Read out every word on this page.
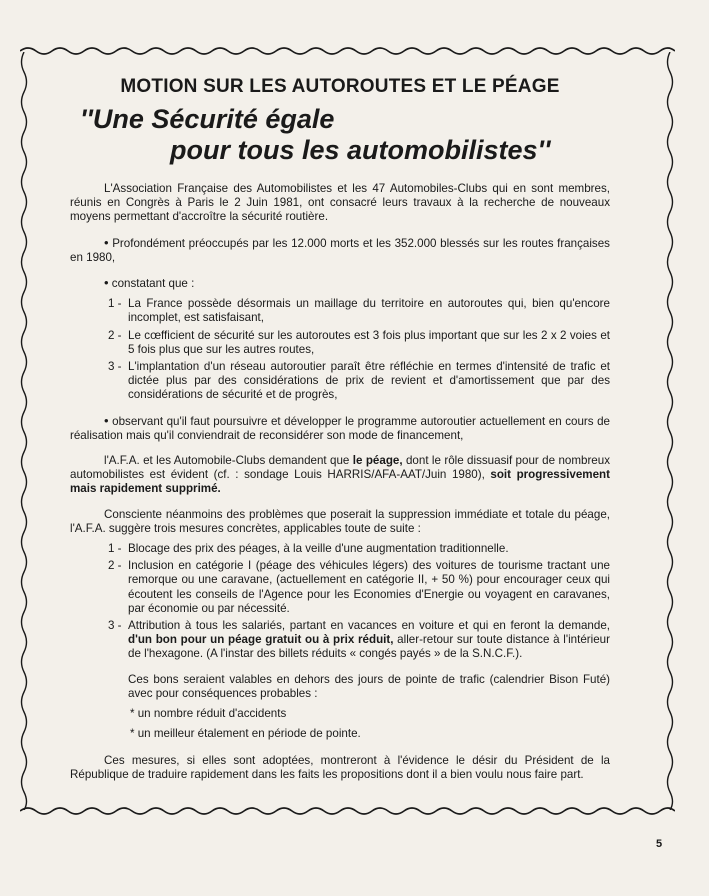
MOTION SUR LES AUTOROUTES ET LE PÉAGE
''Une Sécurité égale
pour tous les automobilistes''

L'Association Française des Automobilistes et les 47 Automobiles-Clubs qui en sont membres, réunis en Congrès à Paris le 2 Juin 1981, ont consacré leurs travaux à la recherche de nouveaux moyens permettant d'accroître la sécurité routière.

• Profondément préoccupés par les 12.000 morts et les 352.000 blessés sur les routes françaises en 1980,

• constatant que :

1 - La France possède désormais un maillage du territoire en autoroutes qui, bien qu'encore incomplet, est satisfaisant,
2 - Le cœfficient de sécurité sur les autoroutes est 3 fois plus important que sur les 2 x 2 voies et 5 fois plus que sur les autres routes,
3 - L'implantation d'un réseau autoroutier paraît être réfléchie en termes d'intensité de trafic et dictée plus par des considérations de prix de revient et d'amortissement que par des considérations de sécurité et de progrès,

• observant qu'il faut poursuivre et développer le programme autoroutier actuellement en cours de réalisation mais qu'il conviendrait de reconsidérer son mode de financement,

l'A.F.A. et les Automobile-Clubs demandent que le péage, dont le rôle dissuasif pour de nombreux automobilistes est évident (cf. : sondage Louis HARRIS/AFA-AAT/Juin 1980), soit progressivement mais rapidement supprimé.

Consciente néanmoins des problèmes que poserait la suppression immédiate et totale du péage, l'A.F.A. suggère trois mesures concrètes, applicables toute de suite :

1 - Blocage des prix des péages, à la veille d'une augmentation traditionnelle.
2 - Inclusion en catégorie I (péage des véhicules légers) des voitures de tourisme tractant une remorque ou une caravane, (actuellement en catégorie II, + 50 %) pour encourager ceux qui écoutent les conseils de l'Agence pour les Economies d'Energie ou voyagent en caravanes, par économie ou par nécessité.
3 - Attribution à tous les salariés, partant en vacances en voiture et qui en feront la demande, d'un bon pour un péage gratuit ou à prix réduit, aller-retour sur toute distance à l'intérieur de l'hexagone. (A l'instar des billets réduits « congés payés » de la S.N.C.F.).
Ces bons seraient valables en dehors des jours de pointe de trafic (calendrier Bison Futé) avec pour conséquences probables :
* un nombre réduit d'accidents
* un meilleur étalement en période de pointe.

Ces mesures, si elles sont adoptées, montreront à l'évidence le désir du Président de la République de traduire rapidement dans les faits les propositions dont il a bien voulu nous faire part.

5
